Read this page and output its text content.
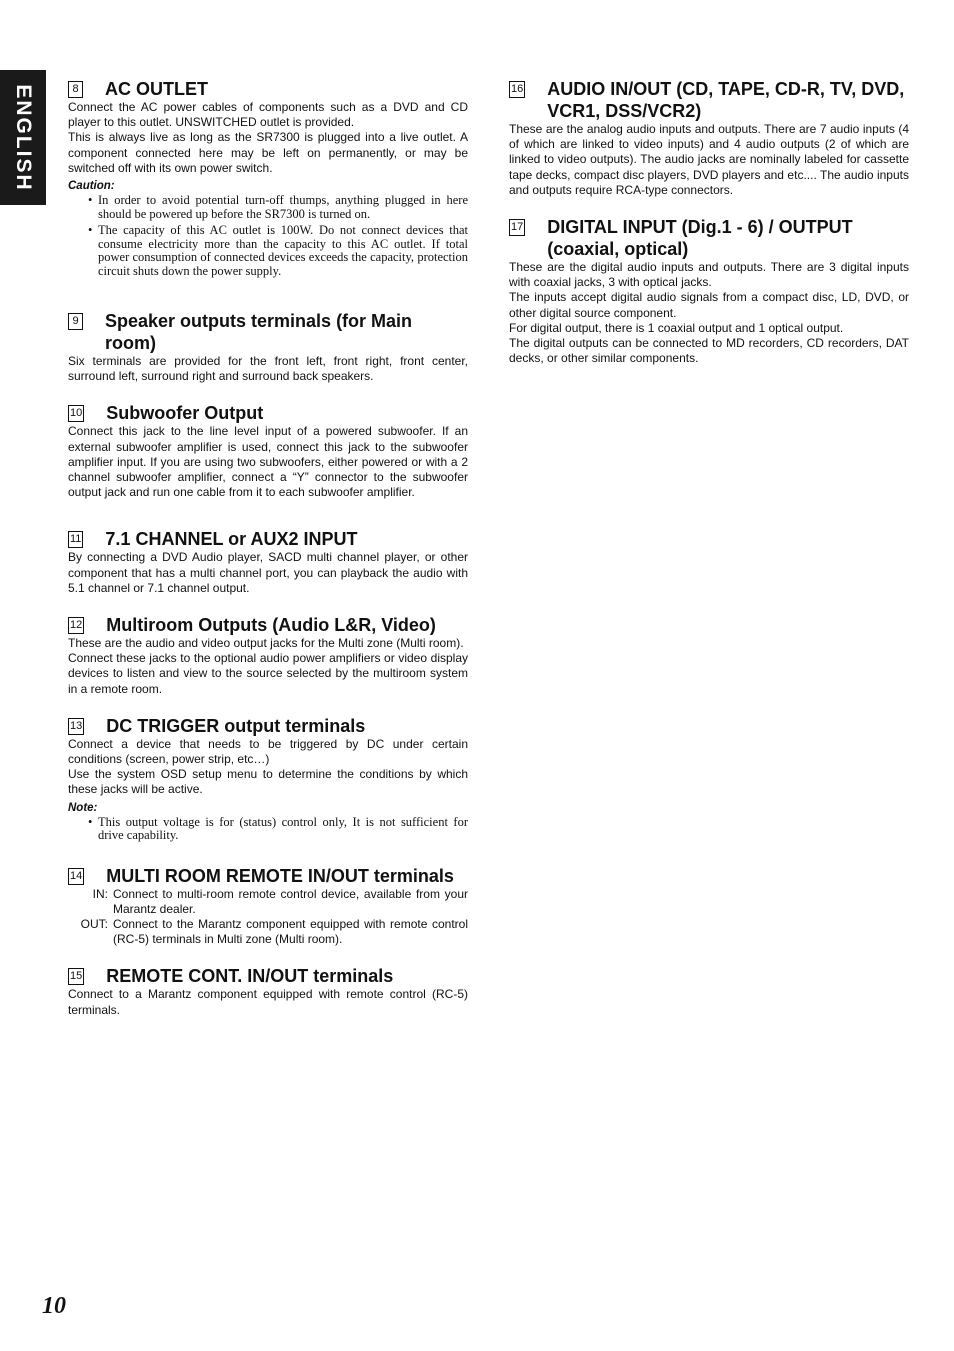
ENGLISH	8 AC OUTLET

Connect the AC power cables of components such as a DVD and CD player to this outlet. UNSWITCHED outlet is provided.

This is always live as long as the SR7300 is plugged into a live outlet. A component connected here may be left on permanently, or may be switched off with its own power switch.

Caution:
• In order to avoid potential turn-off thumps, anything plugged in here should be powered up before the SR7300 is turned on.
• The capacity of this AC outlet is 100W. Do not connect devices that consume electricity more than the capacity to this AC outlet. If total power consumption of connected devices exceeds the capacity, protection circuit shuts down the power supply.
9 Speaker outputs terminals (for Main room)

Six terminals are provided for the front left, front right, front center, surround left, surround right and surround back speakers.

10 Subwoofer Output

Connect this jack to the line level input of a powered subwoofer. If an external subwoofer amplifier is used, connect this jack to the subwoofer amplifier input. If you are using two subwoofers, either powered or with a 2 channel subwoofer amplifier, connect a “Y” connector to the subwoofer output jack and run one cable from it to each subwoofer amplifier.

11 7.1 CHANNEL or AUX2 INPUT

By connecting a DVD Audio player, SACD multi channel player, or other component that has a multi channel port, you can playback the audio with 5.1 channel or 7.1 channel output.

12 Multiroom Outputs (Audio L&R, Video)

These are the audio and video output jacks for the Multi zone (Multi room).

Connect these jacks to the optional audio power amplifiers or video display devices to listen and view to the source selected by the multiroom system in a remote room.

13 DC TRIGGER output terminals

Connect a device that needs to be triggered by DC under certain conditions (screen, power strip, etc…)

Use the system OSD setup menu to determine the conditions by which these jacks will be active.

Note:
• This output voltage is for (status) control only, It is not sufficient for drive capability.
14 MULTI ROOM REMOTE IN/OUT terminals
IN: Connect to multi-room remote control device, available from your Marantz dealer.
OUT: Connect to the Marantz component equipped with remote control (RC-5) terminals in Multi zone (Multi room).
15 REMOTE CONT. IN/OUT terminals

Connect to a Marantz component equipped with remote control (RC-5) terminals.

16 AUDIO IN/OUT (CD, TAPE, CD-R, TV, DVD, VCR1, DSS/VCR2)

These are the analog audio inputs and outputs. There are 7 audio inputs (4 of which are linked to video inputs) and 4 audio outputs (2 of which are linked to video outputs). The audio jacks are nominally labeled for cassette tape decks, compact disc players, DVD players and etc.... The audio inputs and outputs require RCA-type connectors.

17 DIGITAL INPUT (Dig.1 - 6) / OUTPUT (coaxial, optical)

These are the digital audio inputs and outputs. There are 3 digital inputs with coaxial jacks, 3 with optical jacks.

The inputs accept digital audio signals from a compact disc, LD, DVD, or other digital source component.

For digital output, there is 1 coaxial output and 1 optical output.

The digital outputs can be connected to MD recorders, CD recorders, DAT decks, or other similar components.

10
